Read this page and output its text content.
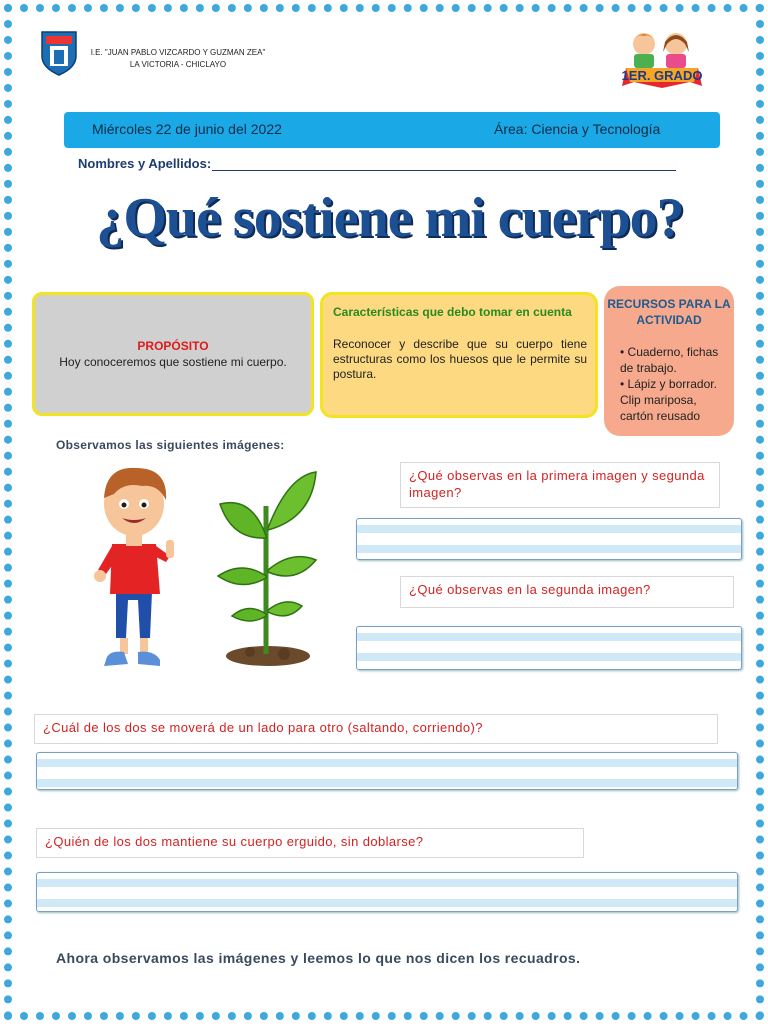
I.E. "JUAN PABLO VIZCARDO Y GUZMAN ZEA"
LA VICTORIA - CHICLAYO
1ER. GRADO
Miércoles 22 de junio del 2022	Área: Ciencia y Tecnología
Nombres y Apellidos:
¿Qué sostiene mi cuerpo?
PROPÓSITO
Hoy conoceremos que sostiene mi cuerpo.
Características que debo tomar en cuenta
Reconocer y describe que su cuerpo tiene estructuras como los huesos que le permite su postura.
RECURSOS PARA LA ACTIVIDAD
• Cuaderno, fichas de trabajo.
• Lápiz y borrador. Clip mariposa, cartón reusado
Observamos las siguientes imágenes:
¿Qué observas en la primera imagen y segunda imagen?
¿Qué observas en la segunda imagen?
¿Cuál de los dos se moverá de un lado para otro (saltando, corriendo)?
¿Quién de los dos mantiene su cuerpo erguido, sin doblarse?
Ahora observamos las imágenes y leemos lo que nos dicen los recuadros.
